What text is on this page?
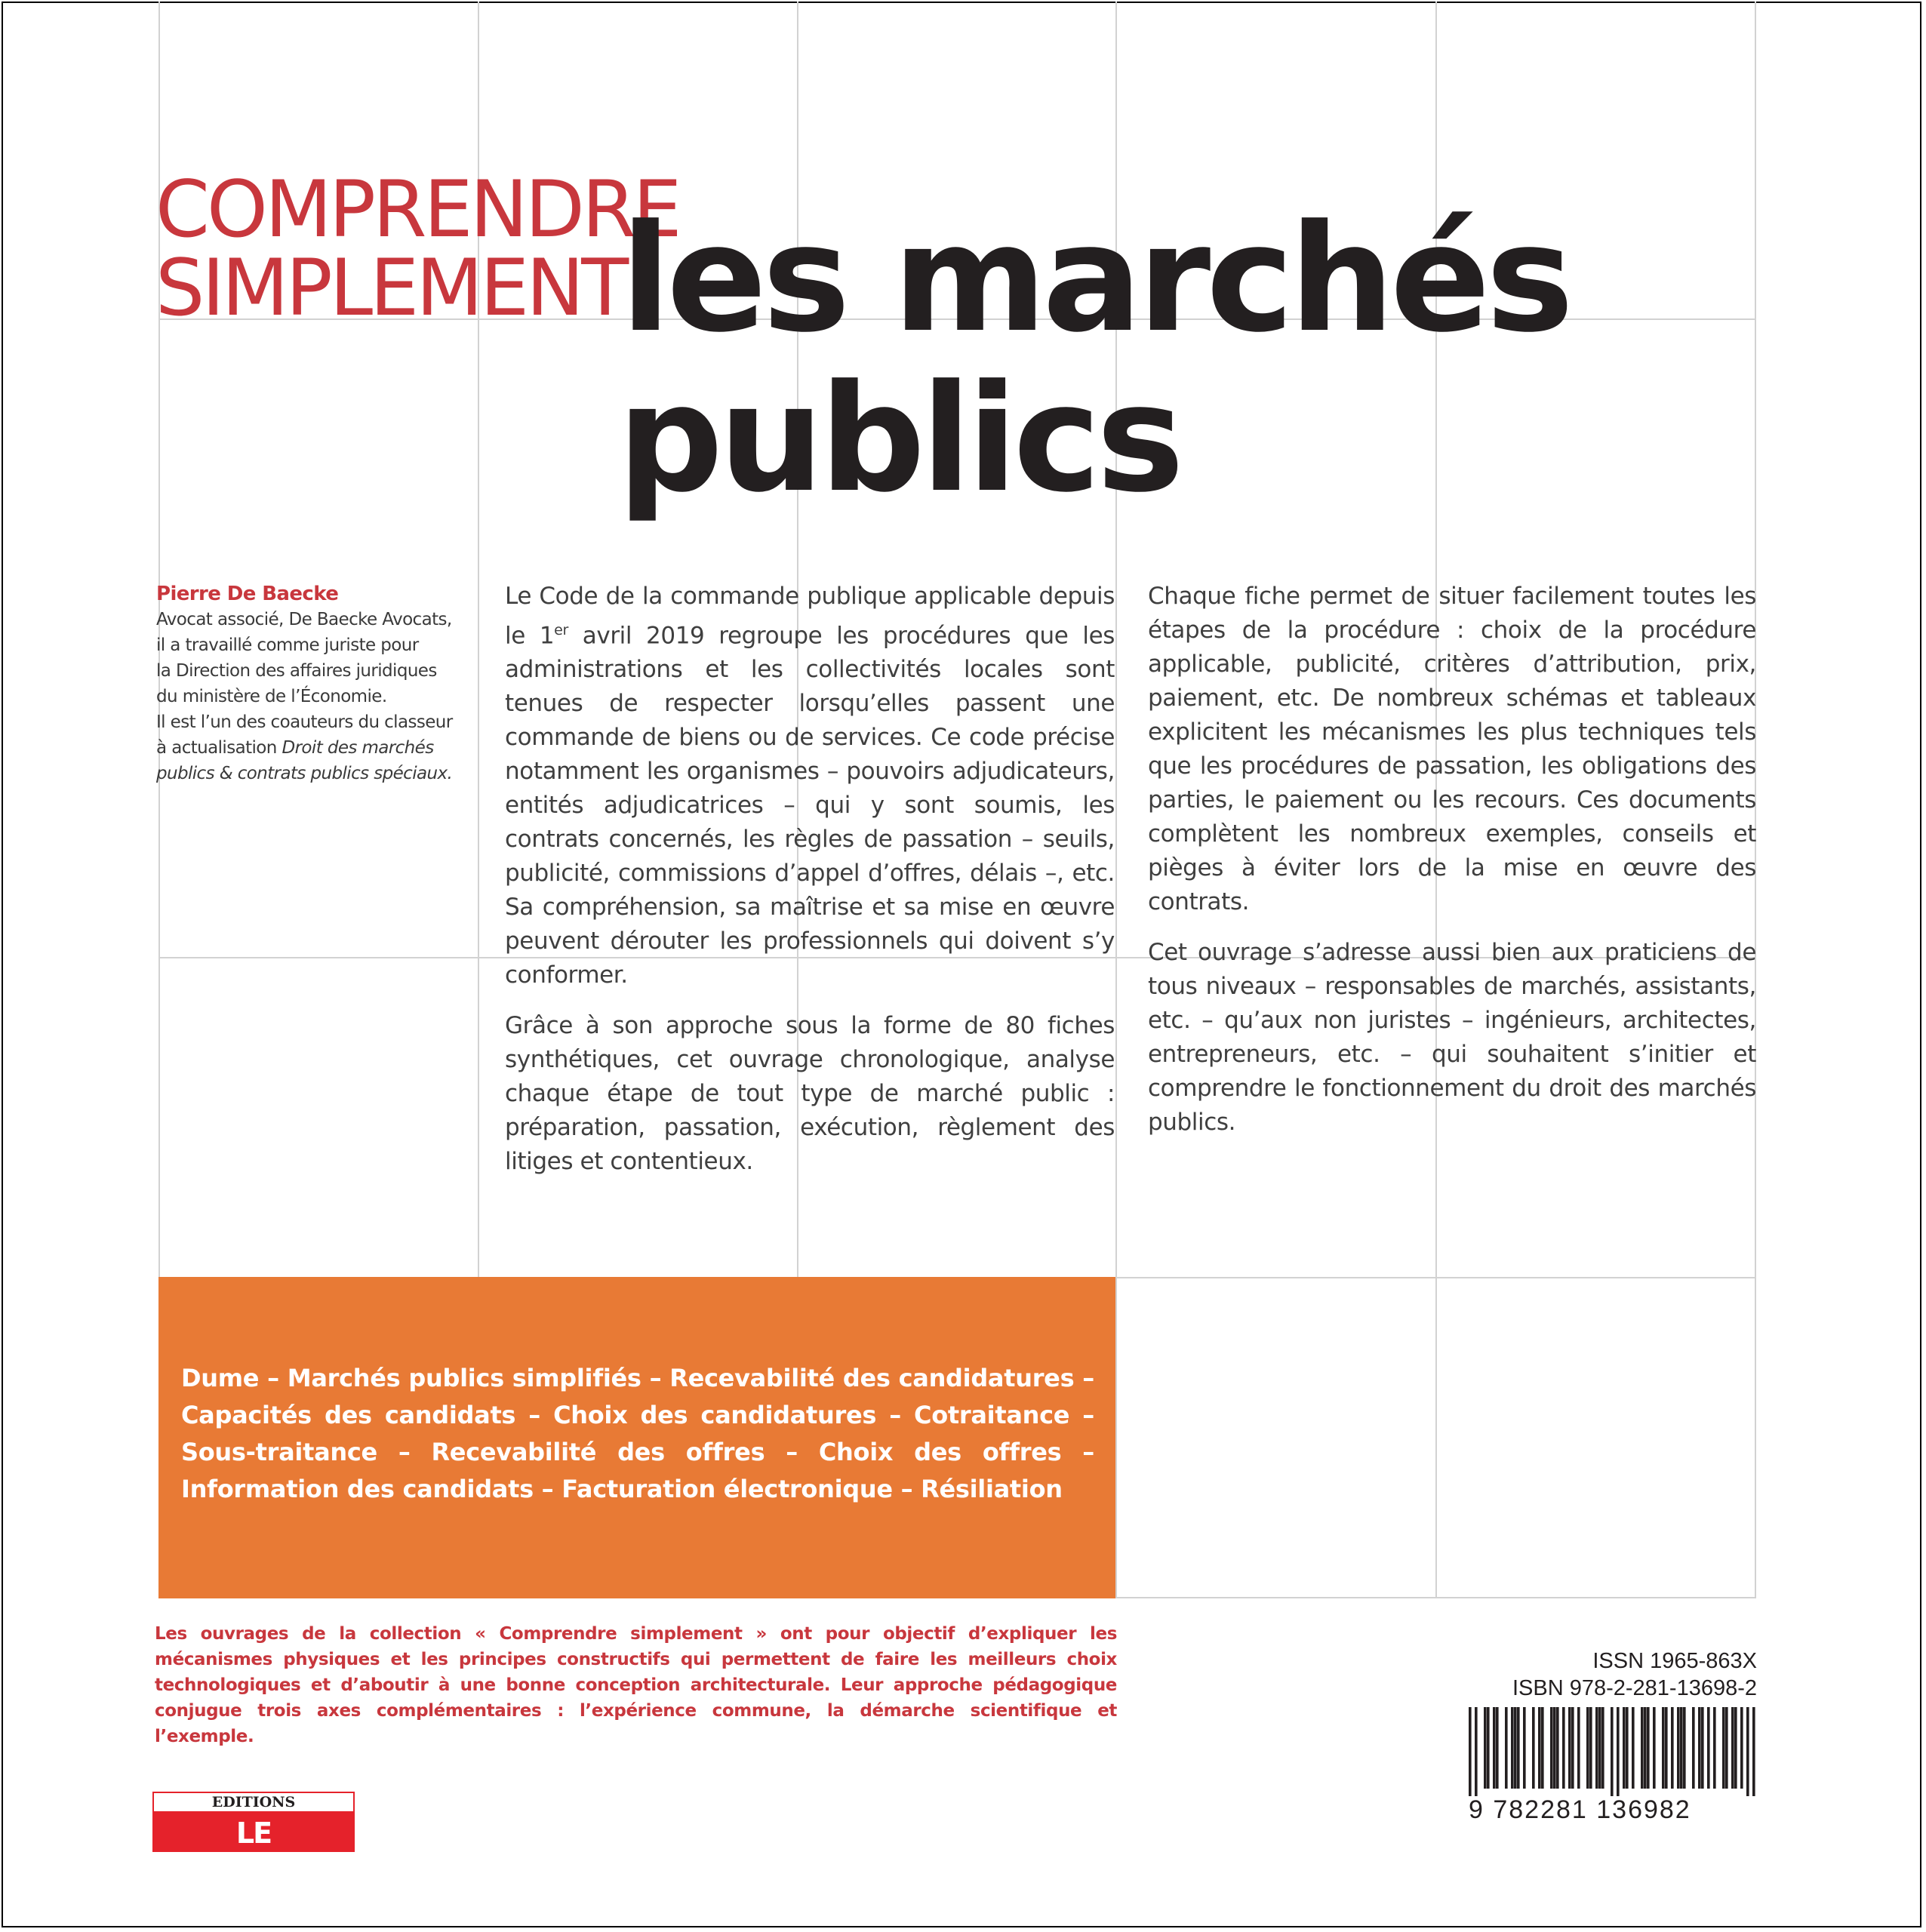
COMPRENDRE
SIMPLEMENT
les marchés
publics
Pierre De Baecke
Avocat associé, De Baecke Avocats,
il a travaillé comme juriste pour
la Direction des affaires juridiques
du ministère de l’Économie.
Il est l’un des coauteurs du classeur
à actualisation Droit des marchés
publics & contrats publics spéciaux.

Le Code de la commande publique applicable depuis le 1er avril 2019 regroupe les procédures que les administrations et les collectivités locales sont tenues de respecter lorsqu’elles passent une commande de biens ou de services. Ce code précise notamment les organismes – pouvoirs adjudicateurs, entités adjudicatrices – qui y sont soumis, les contrats concernés, les règles de passation – seuils, publicité, commissions d’appel d’offres, délais –, etc. Sa compréhension, sa maîtrise et sa mise en œuvre peuvent dérouter les professionnels qui doivent s’y conformer.

Grâce à son approche sous la forme de 80 fiches synthétiques, cet ouvrage chronologique, analyse chaque étape de tout type de marché public : préparation, passation, exécution, règlement des litiges et contentieux.

Chaque fiche permet de situer facilement toutes les étapes de la procédure : choix de la procédure applicable, publicité, critères d’attribution, prix, paiement, etc. De nombreux schémas et tableaux explicitent les mécanismes les plus techniques tels que les procédures de passation, les obligations des parties, le paiement ou les recours. Ces documents complètent les nombreux exemples, conseils et pièges à éviter lors de la mise en œuvre des contrats.

Cet ouvrage s’adresse aussi bien aux praticiens de tous niveaux – responsables de marchés, assistants, etc. – qu’aux non juristes – ingénieurs, architectes, entrepreneurs, etc. – qui souhaitent s’initier et comprendre le fonctionnement du droit des marchés publics.

Dume – Marchés publics simplifiés – Recevabilité des candidatures – Capacités des candidats – Choix des candidatures – Cotraitance – Sous-traitance – Recevabilité des offres – Choix des offres – Information des candidats – Facturation électronique – Résiliation
Les ouvrages de la collection « Comprendre simplement » ont pour objectif d’expliquer les mécanismes physiques et les principes constructifs qui permettent de faire les meilleurs choix technologiques et d’aboutir à une bonne conception architecturale. Leur approche pédagogique conjugue trois axes complémentaires : l’expérience commune, la démarche scientifique et l’exemple.
EDITIONS
LE MONITEUR
ISSN 1965-863X
ISBN 978-2-281-13698-2
9 782281 136982
